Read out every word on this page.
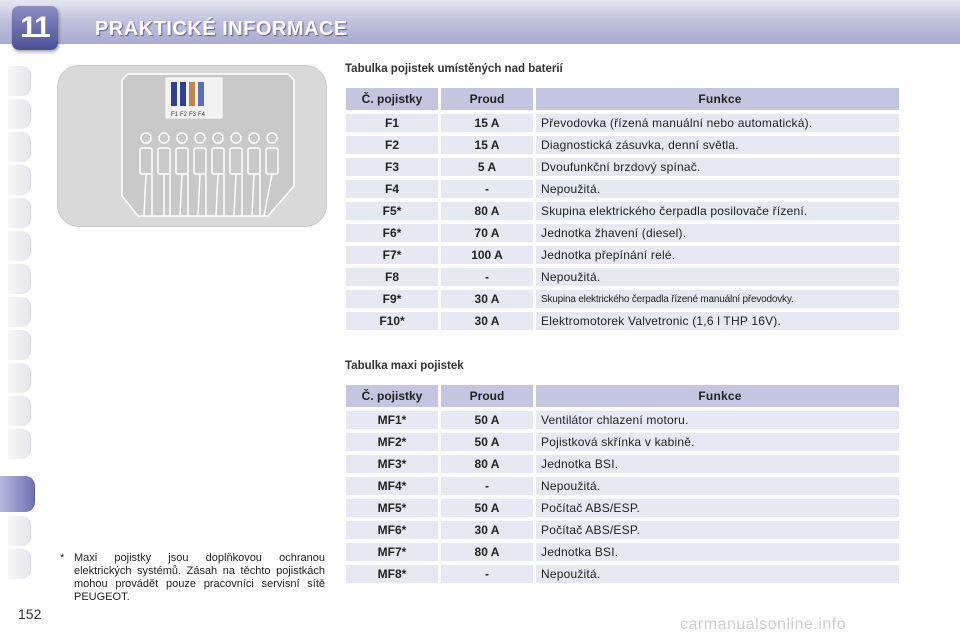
11	PRAKTICKÉ INFORMACE
F1 F2 F3 F4
Tabulka pojistek umístěných nad baterií
Č. pojistky	Proud	Funkce
F1	15 A	Převodovka (řízená manuální nebo automatická).
F2	15 A	Diagnostická zásuvka, denní světla.
F3	5 A	Dvoufunkční brzdový spínač.
F4	-	Nepoužitá.
F5*	80 A	Skupina elektrického čerpadla posilovače řízení.
F6*	70 A	Jednotka žhavení (diesel).
F7*	100 A	Jednotka přepínání relé.
F8	-	Nepoužitá.
F9*	30 A	Skupina elektrického čerpadla řízené manuální převodovky.
F10*	30 A	Elektromotorek Valvetronic (1,6 l THP 16V).
Tabulka maxi pojistek
Č. pojistky	Proud	Funkce
MF1*	50 A	Ventilátor chlazení motoru.
MF2*	50 A	Pojistková skřínka v kabině.
MF3*	80 A	Jednotka BSI.
MF4*	-	Nepoužitá.
MF5*	50 A	Počítač ABS/ESP.
MF6*	30 A	Počítač ABS/ESP.
MF7*	80 A	Jednotka BSI.
MF8*	-	Nepoužitá.
* Maxi pojistky jsou doplňkovou ochranou elektrických systémů. Zásah na těchto pojistkách mohou provádět pouze pracovníci servisní sítě PEUGEOT.
152
carmanualsonline.info
